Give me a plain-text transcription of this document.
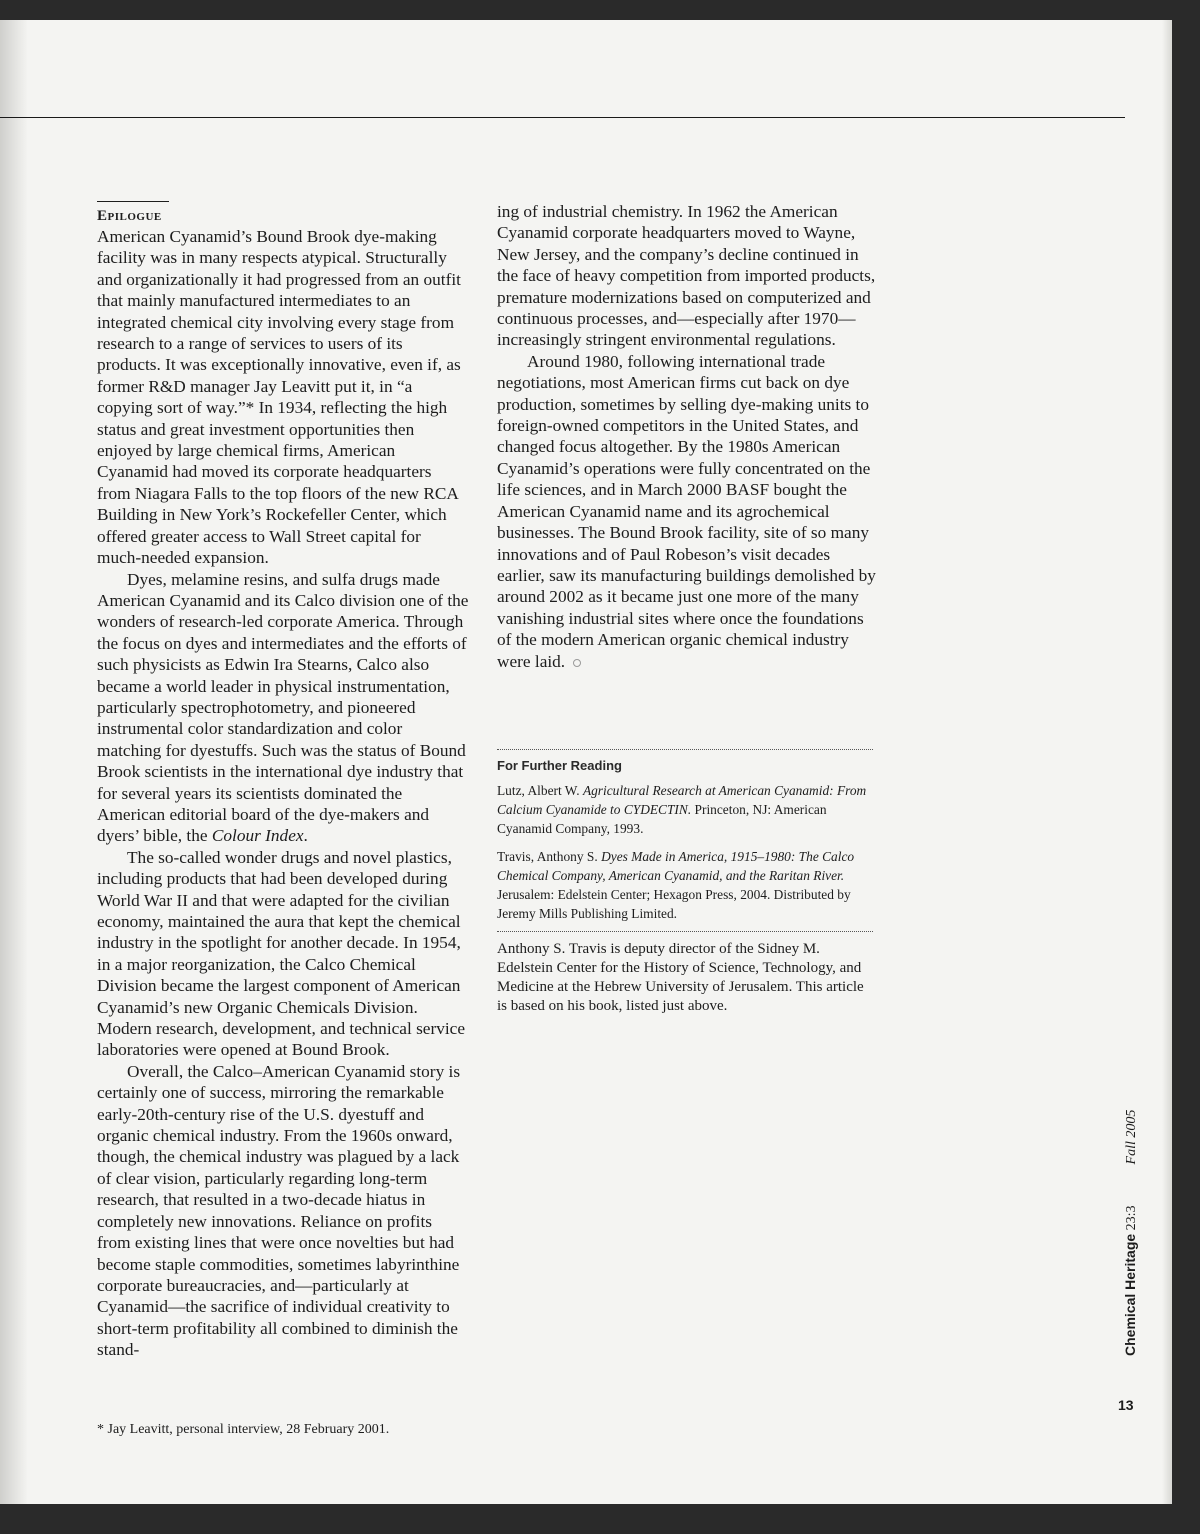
Epilogue

American Cyanamid’s Bound Brook dye-making facility was in many respects atypical. Structurally and organizationally it had progressed from an outfit that mainly manufactured intermediates to an integrated chemical city involving every stage from research to a range of services to users of its products. It was exceptionally innovative, even if, as former R&D manager Jay Leavitt put it, in “a copying sort of way.”* In 1934, reflecting the high status and great investment opportunities then enjoyed by large chemical firms, American Cyanamid had moved its corporate headquarters from Niagara Falls to the top floors of the new RCA Building in New York’s Rockefeller Center, which offered greater access to Wall Street capital for much-needed expansion.

Dyes, melamine resins, and sulfa drugs made American Cyanamid and its Calco division one of the wonders of research-led corporate America. Through the focus on dyes and intermediates and the efforts of such physicists as Edwin Ira Stearns, Calco also became a world leader in physical instrumentation, particularly spectrophotometry, and pioneered instrumental color standardization and color matching for dyestuffs. Such was the status of Bound Brook scientists in the international dye industry that for several years its scientists dominated the American editorial board of the dye-makers and dyers’ bible, the Colour Index.

The so-called wonder drugs and novel plastics, including products that had been developed during World War II and that were adapted for the civilian economy, maintained the aura that kept the chemical industry in the spotlight for another decade. In 1954, in a major reorganization, the Calco Chemical Division became the largest component of American Cyanamid’s new Organic Chemicals Division. Modern research, development, and technical service laboratories were opened at Bound Brook.

Overall, the Calco–American Cyanamid story is certainly one of success, mirroring the remarkable early-20th-century rise of the U.S. dyestuff and organic chemical industry. From the 1960s onward, though, the chemical industry was plagued by a lack of clear vision, particularly regarding long-term research, that resulted in a two-decade hiatus in completely new innovations. Reliance on profits from existing lines that were once novelties but had become staple commodities, sometimes labyrinthine corporate bureaucracies, and—particularly at Cyanamid—the sacrifice of individual creativity to short-term profitability all combined to diminish the stand-

* Jay Leavitt, personal interview, 28 February 2001.

ing of industrial chemistry. In 1962 the American Cyanamid corporate headquarters moved to Wayne, New Jersey, and the company’s decline continued in the face of heavy competition from imported products, premature modernizations based on computerized and continuous processes, and—especially after 1970—increasingly stringent environmental regulations.

Around 1980, following international trade negotiations, most American firms cut back on dye production, sometimes by selling dye-making units to foreign-owned competitors in the United States, and changed focus altogether. By the 1980s American Cyanamid’s operations were fully concentrated on the life sciences, and in March 2000 BASF bought the American Cyanamid name and its agrochemical businesses. The Bound Brook facility, site of so many innovations and of Paul Robeson’s visit decades earlier, saw its manufacturing buildings demolished by around 2002 as it became just one more of the many vanishing industrial sites where once the foundations of the modern American organic chemical industry were laid.

For Further Reading

Lutz, Albert W. Agricultural Research at American Cyanamid: From Calcium Cyanamide to CYDECTIN. Princeton, NJ: American Cyanamid Company, 1993.

Travis, Anthony S. Dyes Made in America, 1915–1980: The Calco Chemical Company, American Cyanamid, and the Raritan River. Jerusalem: Edelstein Center; Hexagon Press, 2004. Distributed by Jeremy Mills Publishing Limited.

Anthony S. Travis is deputy director of the Sidney M. Edelstein Center for the History of Science, Technology, and Medicine at the Hebrew University of Jerusalem. This article is based on his book, listed just above.

Chemical Heritage 23:3  Fall 2005
13
